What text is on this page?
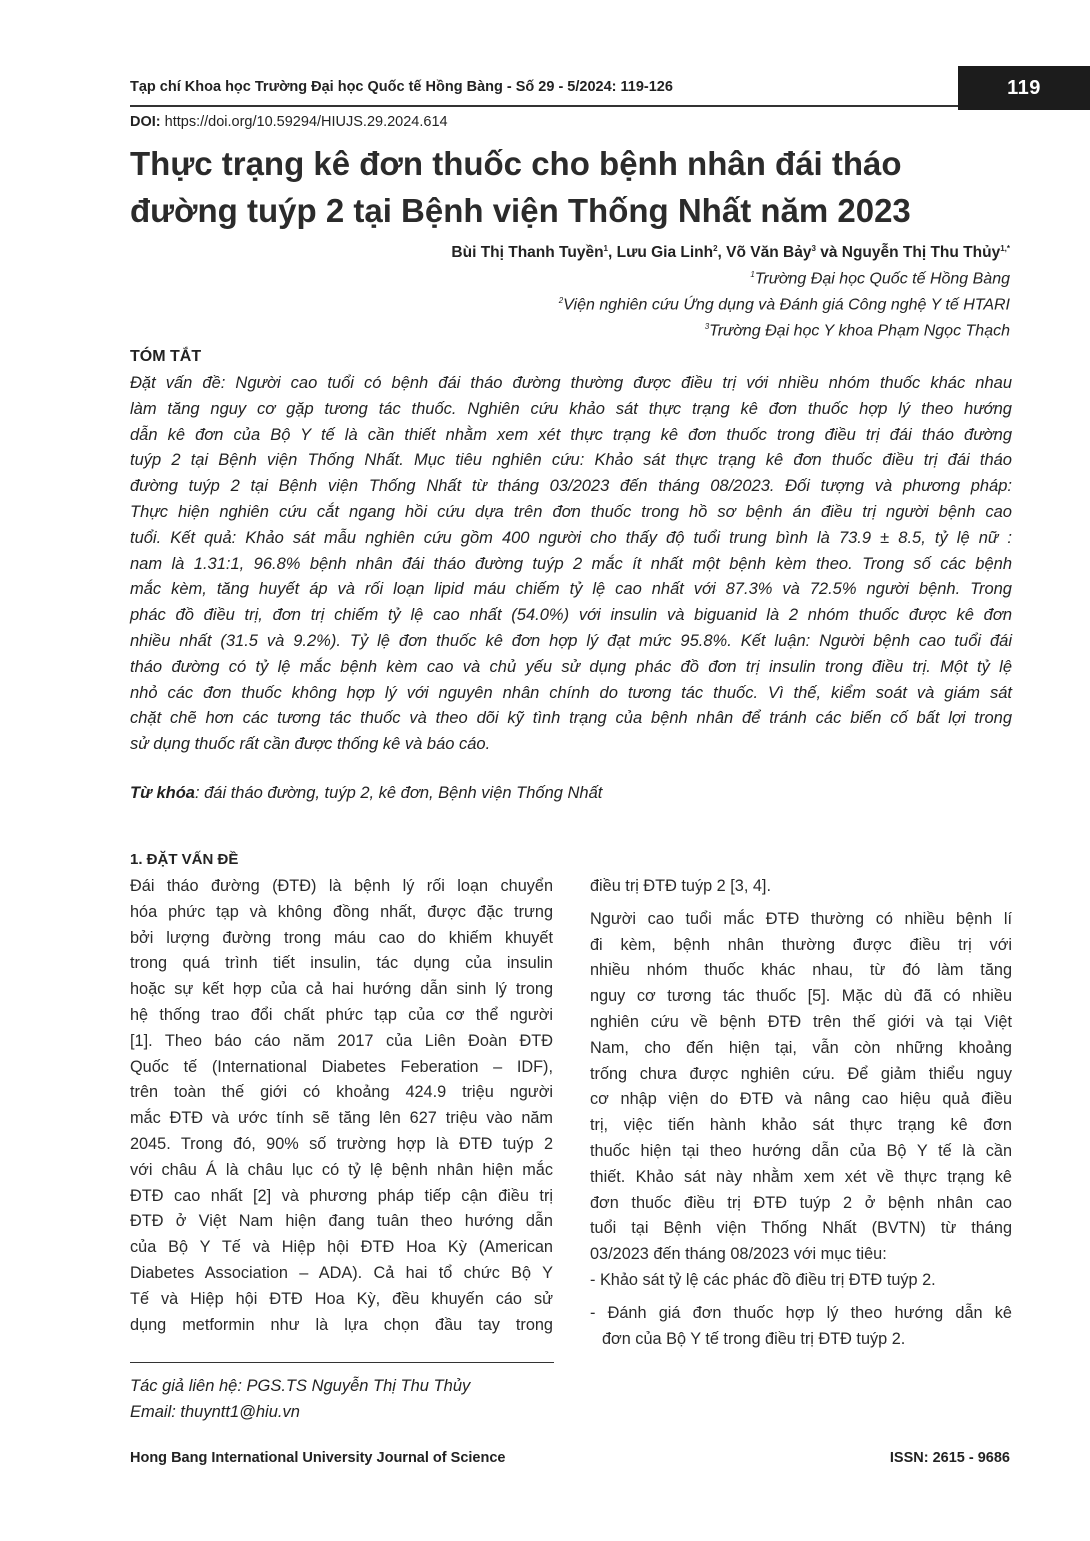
Tạp chí Khoa học Trường Đại học Quốc tế Hồng Bàng - Số 29 - 5/2024: 119-126	119
DOI: https://doi.org/10.59294/HIUJS.29.2024.614
Thực trạng kê đơn thuốc cho bệnh nhân đái tháo
đường tuýp 2 tại Bệnh viện Thống Nhất năm 2023
Bùi Thị Thanh Tuyền$^1$, Lưu Gia Linh$^2$, Võ Văn Bảy$^3$ và Nguyễn Thị Thu Thủy$^{1,*}$
$^1$Trường Đại học Quốc tế Hồng Bàng
$^2$Viện nghiên cứu Ứng dụng và Đánh giá Công nghệ Y tế HTARI
$^3$Trường Đại học Y khoa Phạm Ngọc Thạch
TÓM TẮT
Đặt vấn đề: Người cao tuổi có bệnh đái tháo đường thường được điều trị với nhiều nhóm thuốc khác nhau
làm tăng nguy cơ gặp tương tác thuốc. Nghiên cứu khảo sát thực trạng kê đơn thuốc hợp lý theo hướng
dẫn kê đơn của Bộ Y tế là cần thiết nhằm xem xét thực trạng kê đơn thuốc trong điều trị đái tháo đường
tuýp 2 tại Bệnh viện Thống Nhất. Mục tiêu nghiên cứu: Khảo sát thực trạng kê đơn thuốc điều trị đái tháo
đường tuýp 2 tại Bệnh viện Thống Nhất từ tháng 03/2023 đến tháng 08/2023. Đối tượng và phương pháp:
Thực hiện nghiên cứu cắt ngang hồi cứu dựa trên đơn thuốc trong hồ sơ bệnh án điều trị người bệnh cao
tuổi. Kết quả: Khảo sát mẫu nghiên cứu gồm 400 người cho thấy độ tuổi trung bình là 73.9 ± 8.5, tỷ lệ nữ :
nam là 1.31:1, 96.8% bệnh nhân đái tháo đường tuýp 2 mắc ít nhất một bệnh kèm theo. Trong số các bệnh
mắc kèm, tăng huyết áp và rối loạn lipid máu chiếm tỷ lệ cao nhất với 87.3% và 72.5% người bệnh. Trong
phác đồ điều trị, đơn trị chiếm tỷ lệ cao nhất (54.0%) với insulin và biguanid là 2 nhóm thuốc được kê đơn
nhiều nhất (31.5 và 9.2%). Tỷ lệ đơn thuốc kê đơn hợp lý đạt mức 95.8%. Kết luận: Người bệnh cao tuổi đái
tháo đường có tỷ lệ mắc bệnh kèm cao và chủ yếu sử dụng phác đồ đơn trị insulin trong điều trị. Một tỷ lệ
nhỏ các đơn thuốc không hợp lý với nguyên nhân chính do tương tác thuốc. Vì thế, kiểm soát và giám sát
chặt chẽ hơn các tương tác thuốc và theo dõi kỹ tình trạng của bệnh nhân để tránh các biến cố bất lợi trong
sử dụng thuốc rất cần được thống kê và báo cáo.
Từ khóa: đái tháo đường, tuýp 2, kê đơn, Bệnh viện Thống Nhất
1. ĐẶT VẤN ĐỀ
Đái tháo đường (ĐTĐ) là bệnh lý rối loạn chuyển
hóa phức tạp và không đồng nhất, được đặc trưng
bởi lượng đường trong máu cao do khiếm khuyết
trong quá trình tiết insulin, tác dụng của insulin
hoặc sự kết hợp của cả hai hướng dẫn sinh lý trong
hệ thống trao đổi chất phức tạp của cơ thể người
[1]. Theo báo cáo năm 2017 của Liên Đoàn ĐTĐ
Quốc tế (International Diabetes Feberation – IDF),
trên toàn thế giới có khoảng 424.9 triệu người
mắc ĐTĐ và ước tính sẽ tăng lên 627 triệu vào năm
2045. Trong đó, 90% số trường hợp là ĐTĐ tuýp 2
với châu Á là châu lục có tỷ lệ bệnh nhân hiện mắc
ĐTĐ cao nhất [2] và phương pháp tiếp cận điều trị
ĐTĐ ở Việt Nam hiện đang tuân theo hướng dẫn
của Bộ Y Tế và Hiệp hội ĐTĐ Hoa Kỳ (American
Diabetes Association – ADA). Cả hai tổ chức Bộ Y
Tế và Hiệp hội ĐTĐ Hoa Kỳ, đều khuyến cáo sử
dụng metformin như là lựa chọn đầu tay trong
điều trị ĐTĐ tuýp 2 [3, 4].
Người cao tuổi mắc ĐTĐ thường có nhiều bệnh lí
đi kèm, bệnh nhân thường được điều trị với
nhiều nhóm thuốc khác nhau, từ đó làm tăng
nguy cơ tương tác thuốc [5]. Mặc dù đã có nhiều
nghiên cứu về bệnh ĐTĐ trên thế giới và tại Việt
Nam, cho đến hiện tại, vẫn còn những khoảng
trống chưa được nghiên cứu. Để giảm thiểu nguy
cơ nhập viện do ĐTĐ và nâng cao hiệu quả điều
trị, việc tiến hành khảo sát thực trạng kê đơn
thuốc hiện tại theo hướng dẫn của Bộ Y tế là cần
thiết. Khảo sát này nhằm xem xét về thực trạng kê
đơn thuốc điều trị ĐTĐ tuýp 2 ở bệnh nhân cao
tuổi tại Bệnh viện Thống Nhất (BVTN) từ tháng
03/2023 đến tháng 08/2023 với mục tiêu:
- Khảo sát tỷ lệ các phác đồ điều trị ĐTĐ tuýp 2.
- Đánh giá đơn thuốc hợp lý theo hướng dẫn kê
đơn của Bộ Y tế trong điều trị ĐTĐ tuýp 2.
Tác giả liên hệ: PGS.TS Nguyễn Thị Thu Thủy
Email: thuyntt1@hiu.vn
Hong Bang International University Journal of Science	ISSN: 2615 - 9686
